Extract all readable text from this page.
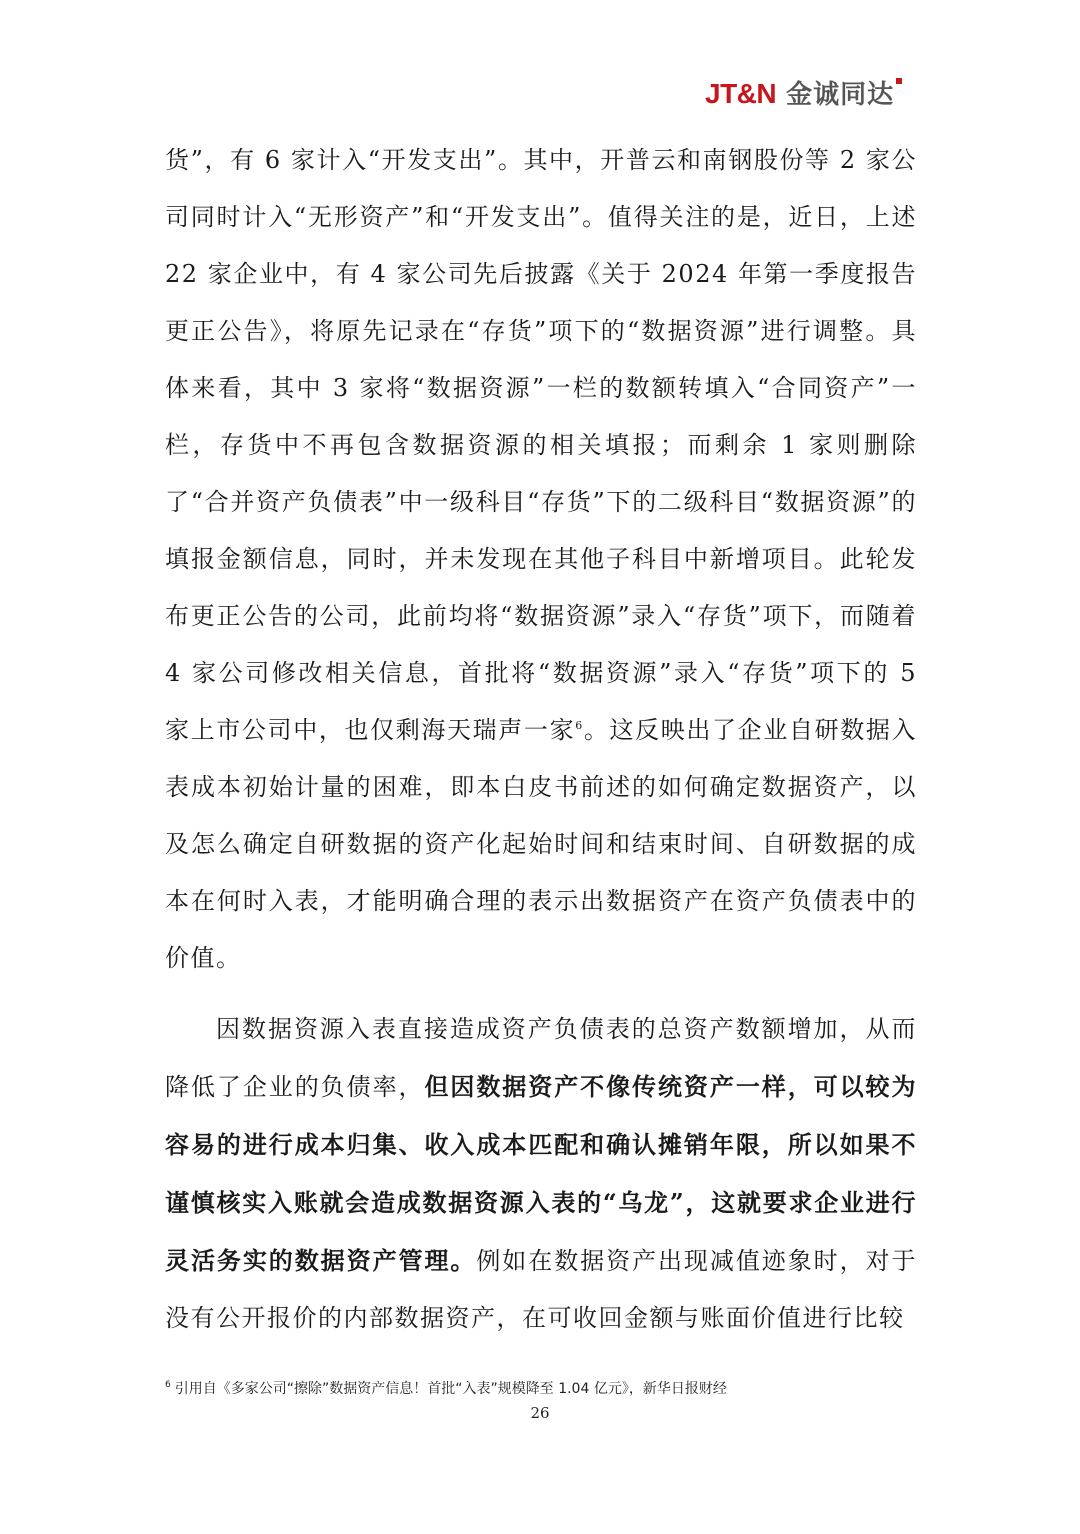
JT&N 金诚同达

货”，有 6 家计入“开发支出”。其中，开普云和南钢股份等 2 家公司同时计入“无形资产”和“开发支出”。值得关注的是，近日，上述 22 家企业中，有 4 家公司先后披露《关于 2024 年第一季度报告更正公告》，将原先记录在“存货”项下的“数据资源”进行调整。具体来看，其中 3 家将“数据资源”一栏的数额转填入“合同资产”一栏，存货中不再包含数据资源的相关填报；而剩余 1 家则删除了“合并资产负债表”中一级科目“存货”下的二级科目“数据资源”的填报金额信息，同时，并未发现在其他子科目中新增项目。此轮发布更正公告的公司，此前均将“数据资源”录入“存货”项下，而随着 4 家公司修改相关信息，首批将“数据资源”录入“存货”项下的 5 家上市公司中，也仅剩海天瑞声一家$^6$。这反映出了企业自研数据入表成本初始计量的困难，即本白皮书前述的如何确定数据资产，以及怎么确定自研数据的资产化起始时间和结束时间、自研数据的成本在何时入表，才能明确合理的表示出数据资产在资产负债表中的价值。

因数据资源入表直接造成资产负债表的总资产数额增加，从而降低了企业的负债率，但因数据资产不像传统资产一样，可以较为容易的进行成本归集、收入成本匹配和确认摊销年限，所以如果不谨慎核实入账就会造成数据资源入表的“乌龙”，这就要求企业进行灵活务实的数据资产管理。例如在数据资产出现减值迹象时，对于没有公开报价的内部数据资产，在可收回金额与账面价值进行比较

$^6$ 引用自《多家公司“擦除”数据资产信息！首批“入表”规模降至 1.04 亿元》，新华日报财经
26
